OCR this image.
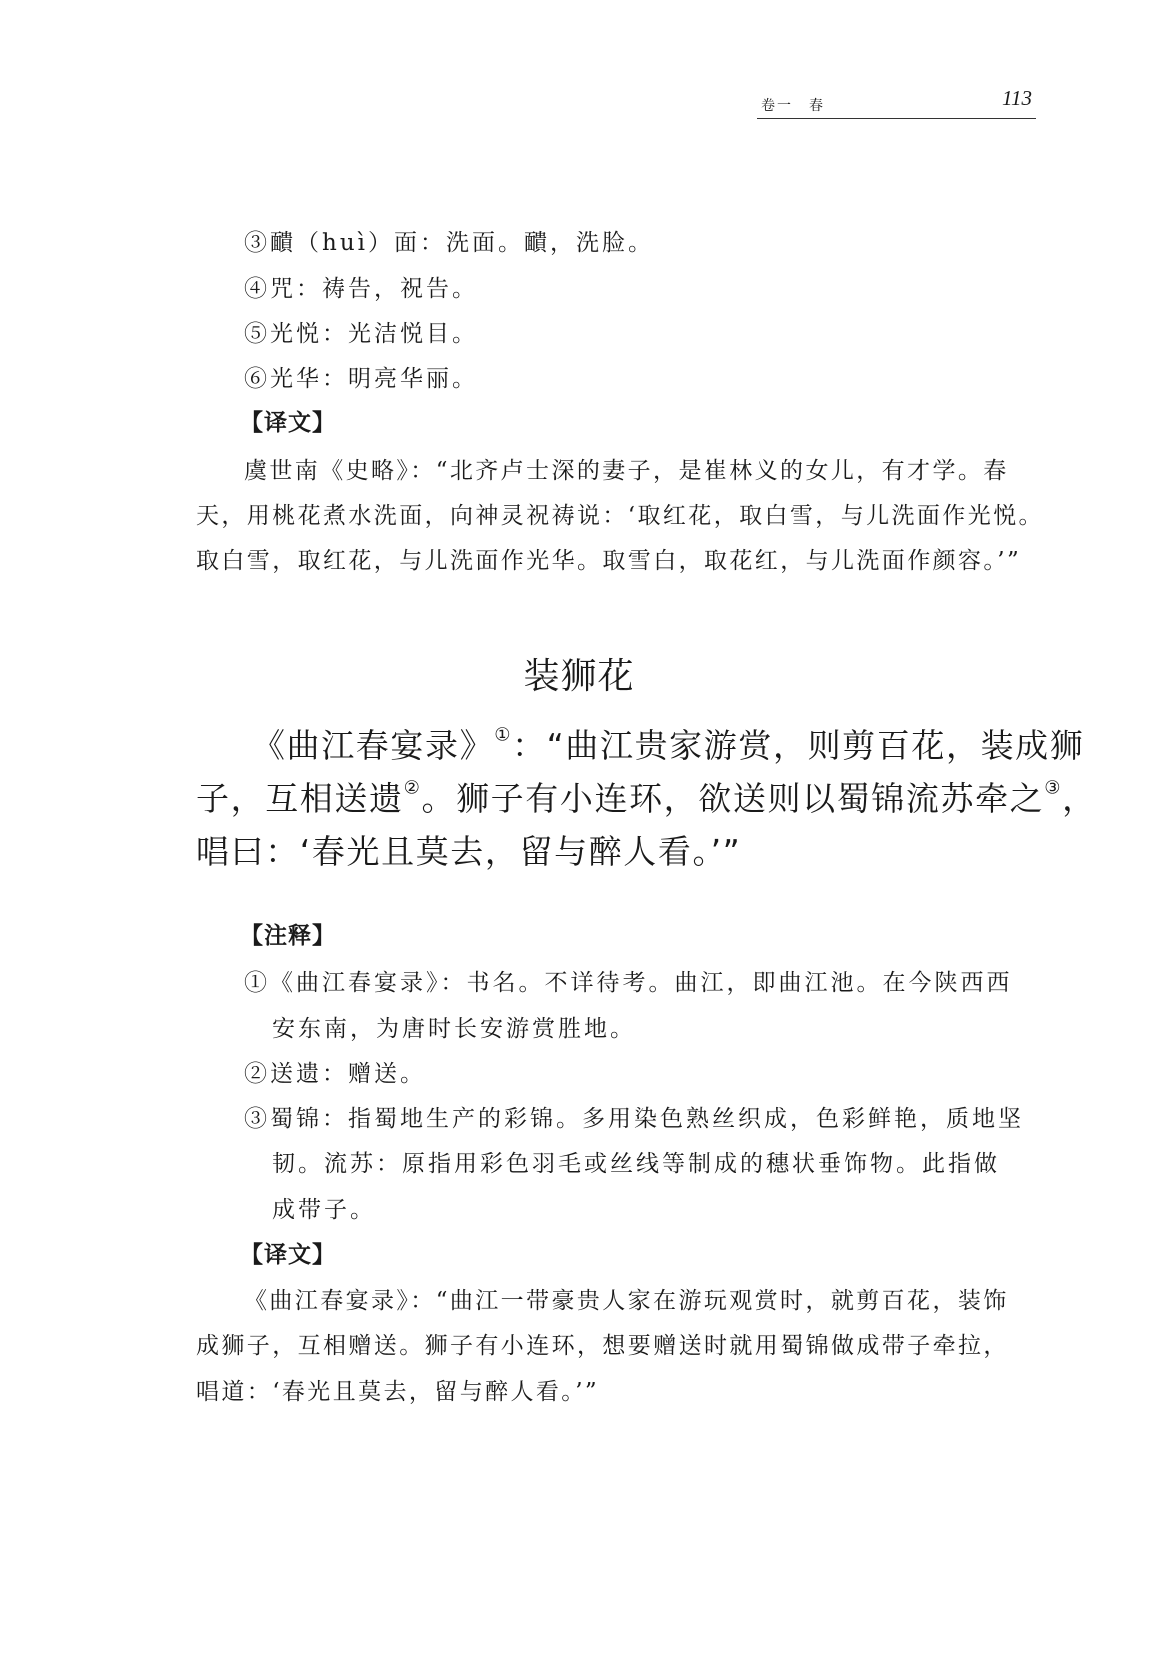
卷一　春	113
③靧（huì）面：洗面。靧，洗脸。
④咒：祷告，祝告。
⑤光悦：光洁悦目。
⑥光华：明亮华丽。
【译文】
虞世南《史略》：“北齐卢士深的妻子，是崔林义的女儿，有才学。春
天，用桃花煮水洗面，向神灵祝祷说：‘取红花，取白雪，与儿洗面作光悦。
取白雪，取红花，与儿洗面作光华。取雪白，取花红，与儿洗面作颜容。’”
装狮花
《曲江春宴录》①：“曲江贵家游赏，则剪百花，装成狮
子，互相送遗②。狮子有小连环，欲送则以蜀锦流苏牵之③，
唱曰：‘春光且莫去，留与醉人看。’”
【注释】
①《曲江春宴录》：书名。不详待考。曲江，即曲江池。在今陕西西
安东南，为唐时长安游赏胜地。
②送遗：赠送。
③蜀锦：指蜀地生产的彩锦。多用染色熟丝织成，色彩鲜艳，质地坚
韧。流苏：原指用彩色羽毛或丝线等制成的穗状垂饰物。此指做
成带子。
【译文】
《曲江春宴录》：“曲江一带豪贵人家在游玩观赏时，就剪百花，装饰
成狮子，互相赠送。狮子有小连环，想要赠送时就用蜀锦做成带子牵拉，
唱道：‘春光且莫去，留与醉人看。’”
